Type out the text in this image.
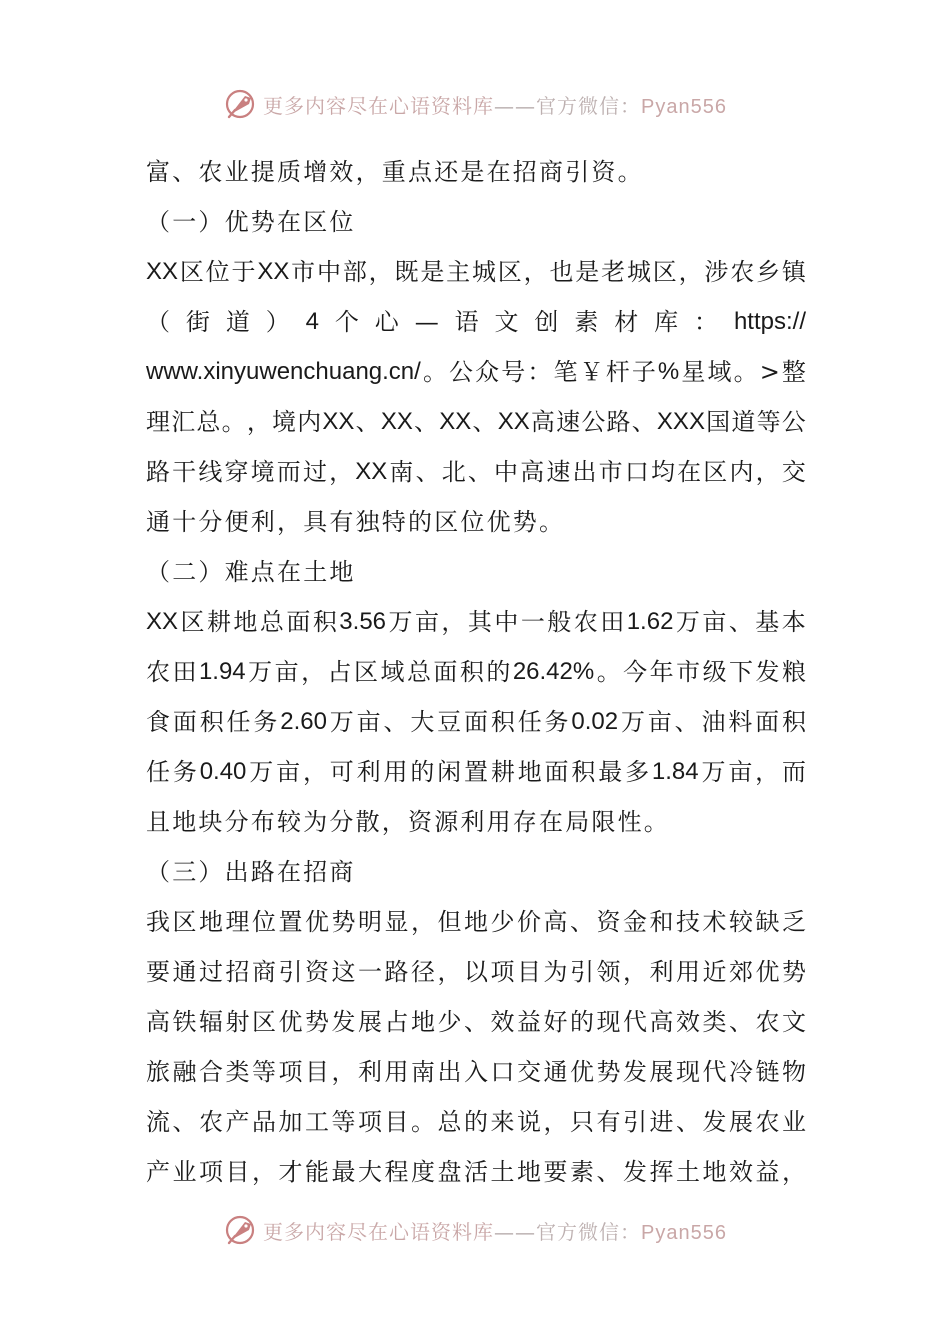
更多内容尽在心语资料库——官方微信：Pyan556
富、农业提质增效，重点还是在招商引资。
（一）优势在区位
XX 区 位 于 XX 市 中 部 ， 既 是 主 城 区 ， 也 是 老 城 区 ， 涉 农 乡 镇
（ 街 道 ） 4 个 心 — 语 文 创 素 材 库 ： https://
www.xinyuwenchuang.cn/ 。 公 众 号 ： 笔 ￥ 杆 子 % 星 域 。 > 整
理 汇 总 。 ， 境 内 XX 、 XX 、 XX 、 XX 高 速 公 路 、 XXX 国 道 等 公
路 干 线 穿 境 而 过 ， XX 南 、 北 、 中 高 速 出 市 口 均 在 区 内 ， 交
通十分便利，具有独特的区位优势。
（二）难点在土地
XX 区 耕 地 总 面 积 3.56 万 亩 ， 其 中 一 般 农 田 1.62 万 亩 、 基 本
农 田 1.94 万 亩 ， 占 区 域 总 面 积 的 26.42% 。 今 年 市 级 下 发 粮
食 面 积 任 务 2.60 万 亩 、 大 豆 面 积 任 务 0.02 万 亩 、 油 料 面 积
任 务 0.40 万 亩 ， 可 利 用 的 闲 置 耕 地 面 积 最 多 1.84 万 亩 ， 而
且地块分布较为分散，资源利用存在局限性。
（三）出路在招商
我 区 地 理 位 置 优 势 明 显 ， 但 地 少 价 高 、 资 金 和 技 术 较 缺 乏
要 通 过 招 商 引 资 这 一 路 径 ， 以 项 目 为 引 领 ， 利 用 近 郊 优 势
高 铁 辐 射 区 优 势 发 展 占 地 少 、 效 益 好 的 现 代 高 效 类 、 农 文
旅 融 合 类 等 项 目 ， 利 用 南 出 入 口 交 通 优 势 发 展 现 代 冷 链 物
流 、 农 产 品 加 工 等 项 目 。 总 的 来 说 ， 只 有 引 进 、 发 展 农 业
产 业 项 目 ， 才 能 最 大 程 度 盘 活 土 地 要 素 、 发 挥 土 地 效 益 ，
更多内容尽在心语资料库——官方微信：Pyan556
